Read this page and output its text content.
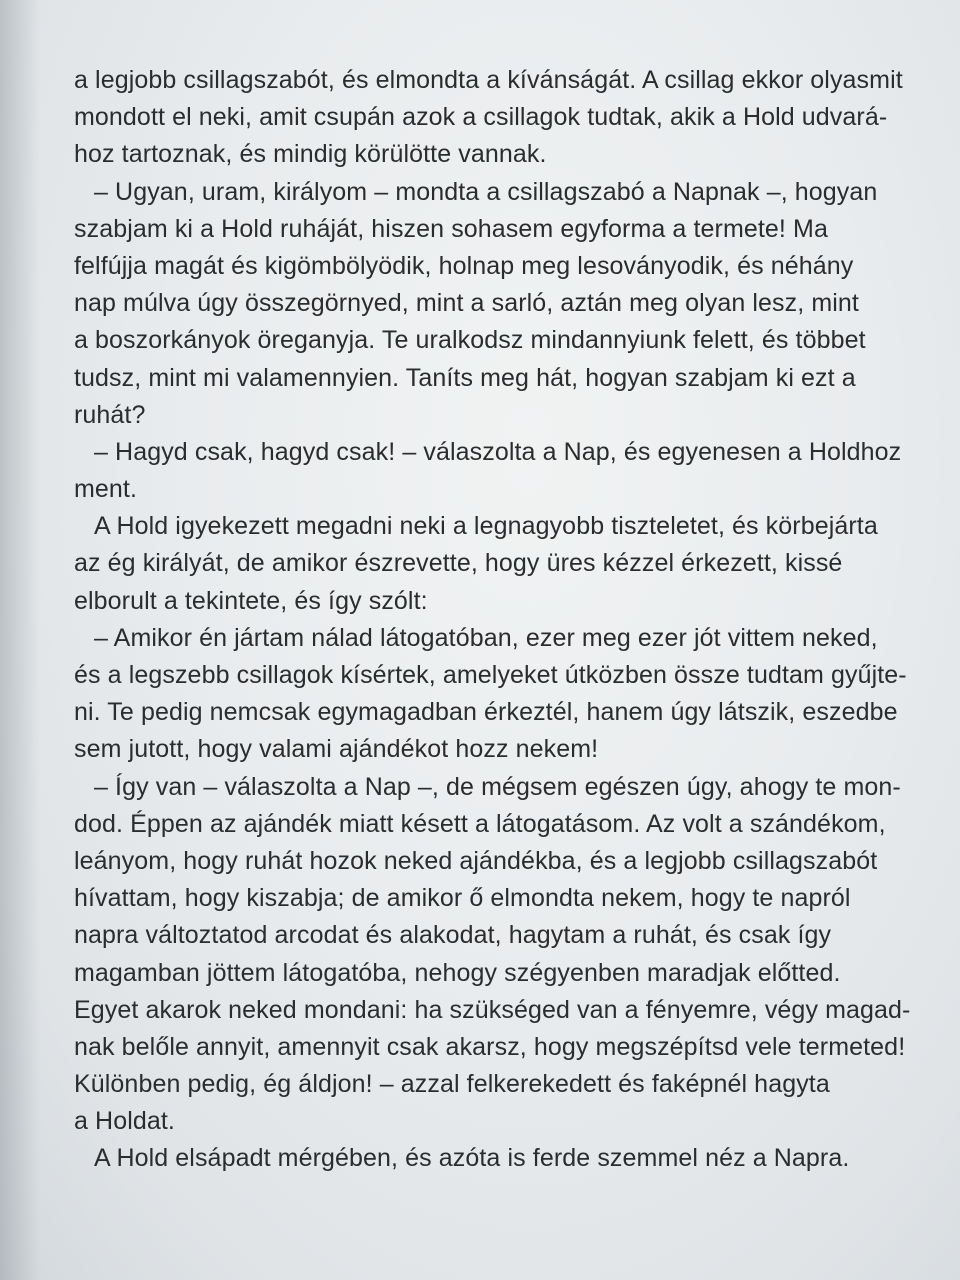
a legjobb csillagszabót, és elmondta a kívánságát. A csillag ekkor olyasmit
mondott el neki, amit csupán azok a csillagok tudtak, akik a Hold udvará-
hoz tartoznak, és mindig körülötte vannak.
– Ugyan, uram, királyom – mondta a csillagszabó a Napnak –, hogyan
szabjam ki a Hold ruháját, hiszen sohasem egyforma a termete! Ma
felfújja magát és kigömbölyödik, holnap meg lesoványodik, és néhány
nap múlva úgy összegörnyed, mint a sarló, aztán meg olyan lesz, mint
a boszorkányok öreganyja. Te uralkodsz mindannyiunk felett, és többet
tudsz, mint mi valamennyien. Taníts meg hát, hogyan szabjam ki ezt a
ruhát?
– Hagyd csak, hagyd csak! – válaszolta a Nap, és egyenesen a Holdhoz
ment.
A Hold igyekezett megadni neki a legnagyobb tiszteletet, és körbejárta
az ég királyát, de amikor észrevette, hogy üres kézzel érkezett, kissé
elborult a tekintete, és így szólt:
– Amikor én jártam nálad látogatóban, ezer meg ezer jót vittem neked,
és a legszebb csillagok kísértek, amelyeket útközben össze tudtam gyűjte-
ni. Te pedig nemcsak egymagadban érkeztél, hanem úgy látszik, eszedbe
sem jutott, hogy valami ajándékot hozz nekem!
– Így van – válaszolta a Nap –, de mégsem egészen úgy, ahogy te mon-
dod. Éppen az ajándék miatt késett a látogatásom. Az volt a szándékom,
leányom, hogy ruhát hozok neked ajándékba, és a legjobb csillagszabót
hívattam, hogy kiszabja; de amikor ő elmondta nekem, hogy te napról
napra változtatod arcodat és alakodat, hagytam a ruhát, és csak így
magamban jöttem látogatóba, nehogy szégyenben maradjak előtted.
Egyet akarok neked mondani: ha szükséged van a fényemre, végy magad-
nak belőle annyit, amennyit csak akarsz, hogy megszépítsd vele termeted!
Különben pedig, ég áldjon! – azzal felkerekedett és faképnél hagyta
a Holdat.
A Hold elsápadt mérgében, és azóta is ferde szemmel néz a Napra.
